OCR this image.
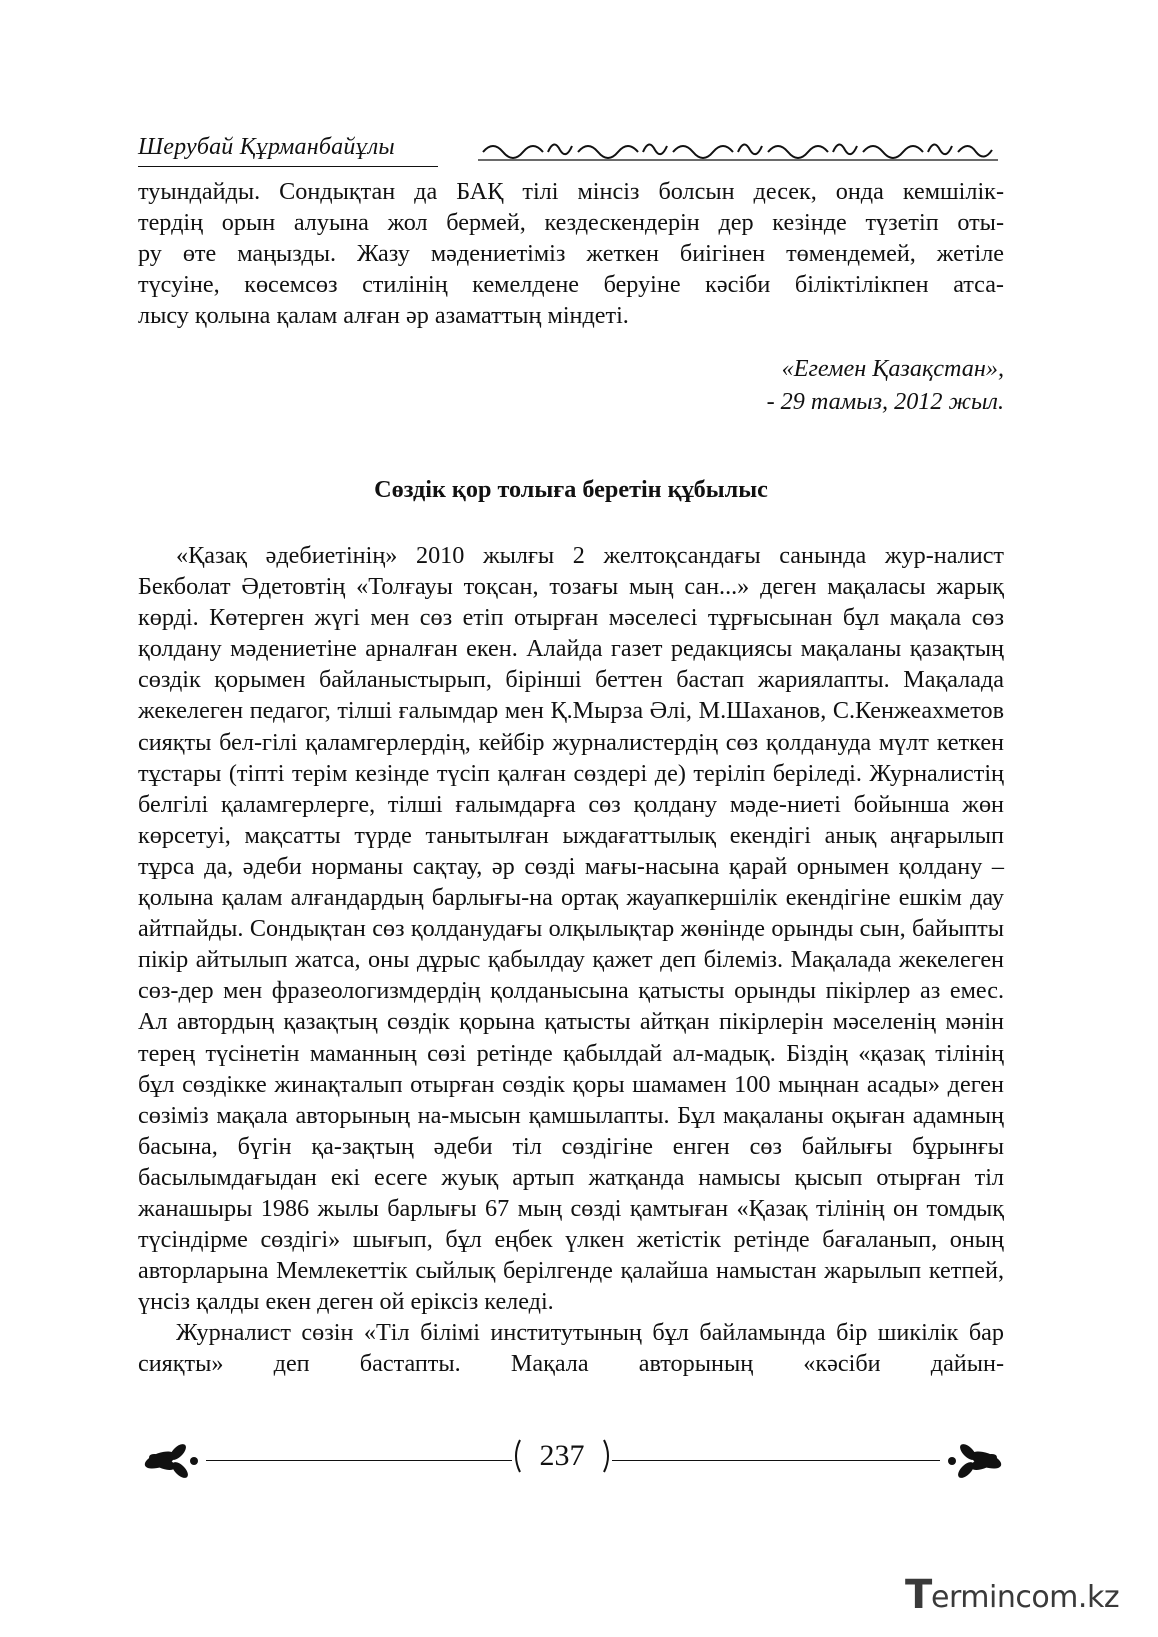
Шерубай Құрманбайұлы

туындайды. Сондықтан да БАҚ тілі мінсіз болсын десек, онда кемшілік-

тердің орын алуына жол бермей, кездескендерін дер кезінде түзетіп оты-

ру өте маңызды. Жазу мәдениетіміз жеткен биігінен төмендемей, жетіле

түсуіне, көсемсөз стилінің кемелдене беруіне кәсіби біліктілікпен атса-

лысу қолына қалам алған әр азаматтың міндеті.

«Егемен Қазақстан»,
- 29 тамыз, 2012 жыл.
Сөздік қор толыға беретін құбылыс

«Қазақ әдебиетінің» 2010 жылғы 2 желтоқсандағы санында жур-налист Бекболат Әдетовтің «Толғауы тоқсан, тозағы мың сан...» деген мақаласы жарық көрді. Көтерген жүгі мен сөз етіп отырған мәселесі тұрғысынан бұл мақала сөз қолдану мәдениетіне арналған екен. Алайда газет редакциясы мақаланы қазақтың сөздік қорымен байланыстырып, бірінші беттен бастап жариялапты. Мақалада жекелеген педагог, тілші ғалымдар мен Қ.Мырза Әлі, М.Шаханов, С.Кенжеахметов сияқты бел-гілі қаламгерлердің, кейбір журналистердің сөз қолдануда мүлт кеткен тұстары (тіпті терім кезінде түсіп қалған сөздері де) теріліп беріледі. Журналистің белгілі қаламгерлерге, тілші ғалымдарға сөз қолдану мәде-ниеті бойынша жөн көрсетуі, мақсатты түрде танытылған ыждағаттылық екендігі анық аңғарылып тұрса да, әдеби норманы сақтау, әр сөзді мағы-насына қарай орнымен қолдану – қолына қалам алғандардың барлығы-на ортақ жауапкершілік екендігіне ешкім дау айтпайды. Сондықтан сөз қолданудағы олқылықтар жөнінде орынды сын, байыпты пікір айтылып жатса, оны дұрыс қабылдау қажет деп білеміз. Мақалада жекелеген сөз-дер мен фразеологизмдердің қолданысына қатысты орынды пікірлер аз емес. Ал автордың қазақтың сөздік қорына қатысты айтқан пікірлерін мәселенің мәнін терең түсінетін маманның сөзі ретінде қабылдай ал-мадық. Біздің «қазақ тілінің бұл сөздікке жинақталып отырған сөздік қоры шамамен 100 мыңнан асады» деген сөзіміз мақала авторының на-мысын қамшылапты. Бұл мақаланы оқыған адамның басына, бүгін қа-зақтың әдеби тіл сөздігіне енген сөз байлығы бұрынғы басылымдағыдан екі есеге жуық артып жатқанда намысы қысып отырған тіл жанашыры 1986 жылы барлығы 67 мың сөзді қамтыған «Қазақ тілінің он томдық түсіндірме сөздігі» шығып, бұл еңбек үлкен жетістік ретінде бағаланып, оның авторларына Мемлекеттік сыйлық берілгенде қалайша намыстан жарылып кетпей, үнсіз қалды екен деген ой еріксіз келеді.

Журналист сөзін «Тіл білімі институтының бұл байламында бір шикілік бар сияқты» деп бастапты. Мақала авторының «кәсіби дайын-

237
T ermincom.kz
